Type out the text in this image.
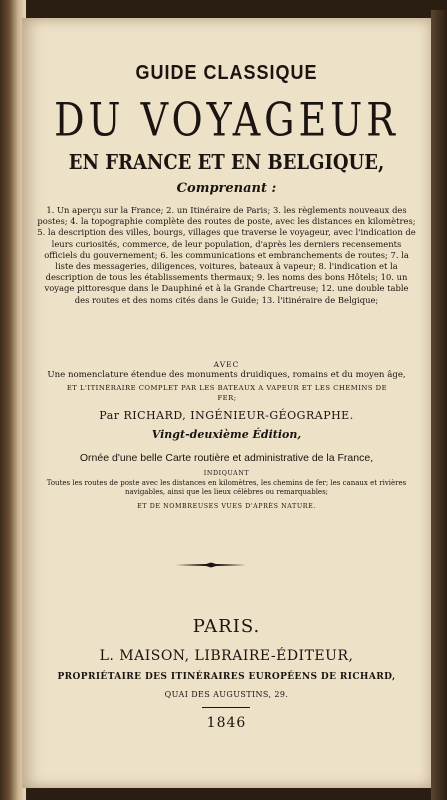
GUIDE CLASSIQUE
DU VOYAGEUR
EN FRANCE ET EN BELGIQUE,
Comprenant :
1. Un aperçu sur la France; 2. un Itinéraire de Paris; 3. les règlements nouveaux des postes; 4. la topographie complète des routes de poste, avec les distances en kilomètres; 5. la description des villes, bourgs, villages que traverse le voyageur, avec l'indication de leurs curiosités, commerce, de leur population, d'après les derniers recensements officiels du gouvernement; 6. les communications et embranchements de routes; 7. la liste des messageries, diligences, voitures, bateaux à vapeur; 8. l'indication et la description de tous les établissements thermaux; 9. les noms des bons Hôtels; 10. un voyage pittoresque dans le Dauphiné et à la Grande Chartreuse; 12. une double table des routes et des noms cités dans le Guide; 13. l'itinéraire de Belgique;
AVEC
Une nomenclature étendue des monuments druidiques, romains et du moyen âge,
ET L'ITINÉRAIRE COMPLET PAR LES BATEAUX A VAPEUR ET LES CHEMINS DE FER;
Par RICHARD, INGÉNIEUR-GÉOGRAPHE.
Vingt-deuxième Édition,
Ornée d'une belle Carte routière et administrative de la France,
INDIQUANT
Toutes les routes de poste avec les distances en kilomètres, les chemins de fer; les canaux et rivières navigables, ainsi que les lieux célèbres ou remarquables;
ET DE NOMBREUSES VUES D'APRÈS NATURE.
PARIS.
L. MAISON, LIBRAIRE-ÉDITEUR,
PROPRIÉTAIRE DES ITINÉRAIRES EUROPÉENS DE RICHARD,
QUAI DES AUGUSTINS, 29.
1846
